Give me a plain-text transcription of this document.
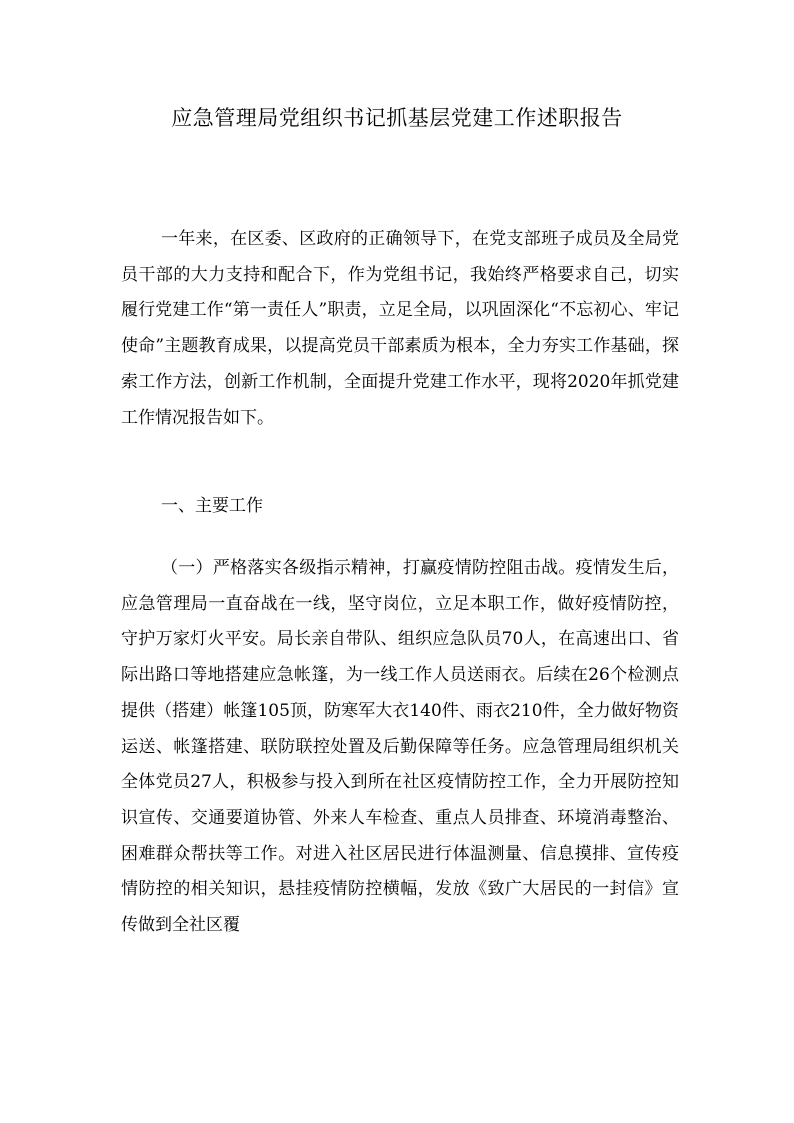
应急管理局党组织书记抓基层党建工作述职报告

一年来，在区委、区政府的正确领导下，在党支部班子成员及全局党员干部的大力支持和配合下，作为党组书记，我始终严格要求自己，切实履行党建工作“第一责任人”职责，立足全局，以巩固深化“不忘初心、牢记使命”主题教育成果，以提高党员干部素质为根本，全力夯实工作基础，探索工作方法，创新工作机制，全面提升党建工作水平，现将2020年抓党建工作情况报告如下。

一、主要工作

（一）严格落实各级指示精神，打赢疫情防控阻击战。疫情发生后，应急管理局一直奋战在一线，坚守岗位，立足本职工作，做好疫情防控，守护万家灯火平安。局长亲自带队、组织应急队员70人，在高速出口、省际出路口等地搭建应急帐篷，为一线工作人员送雨衣。后续在26个检测点提供（搭建）帐篷105顶，防寒军大衣140件、雨衣210件，全力做好物资运送、帐篷搭建、联防联控处置及后勤保障等任务。应急管理局组织机关全体党员27人，积极参与投入到所在社区疫情防控工作，全力开展防控知识宣传、交通要道协管、外来人车检查、重点人员排查、环境消毒整治、困难群众帮扶等工作。对进入社区居民进行体温测量、信息摸排、宣传疫情防控的相关知识，悬挂疫情防控横幅，发放《致广大居民的一封信》宣传做到全社区覆
